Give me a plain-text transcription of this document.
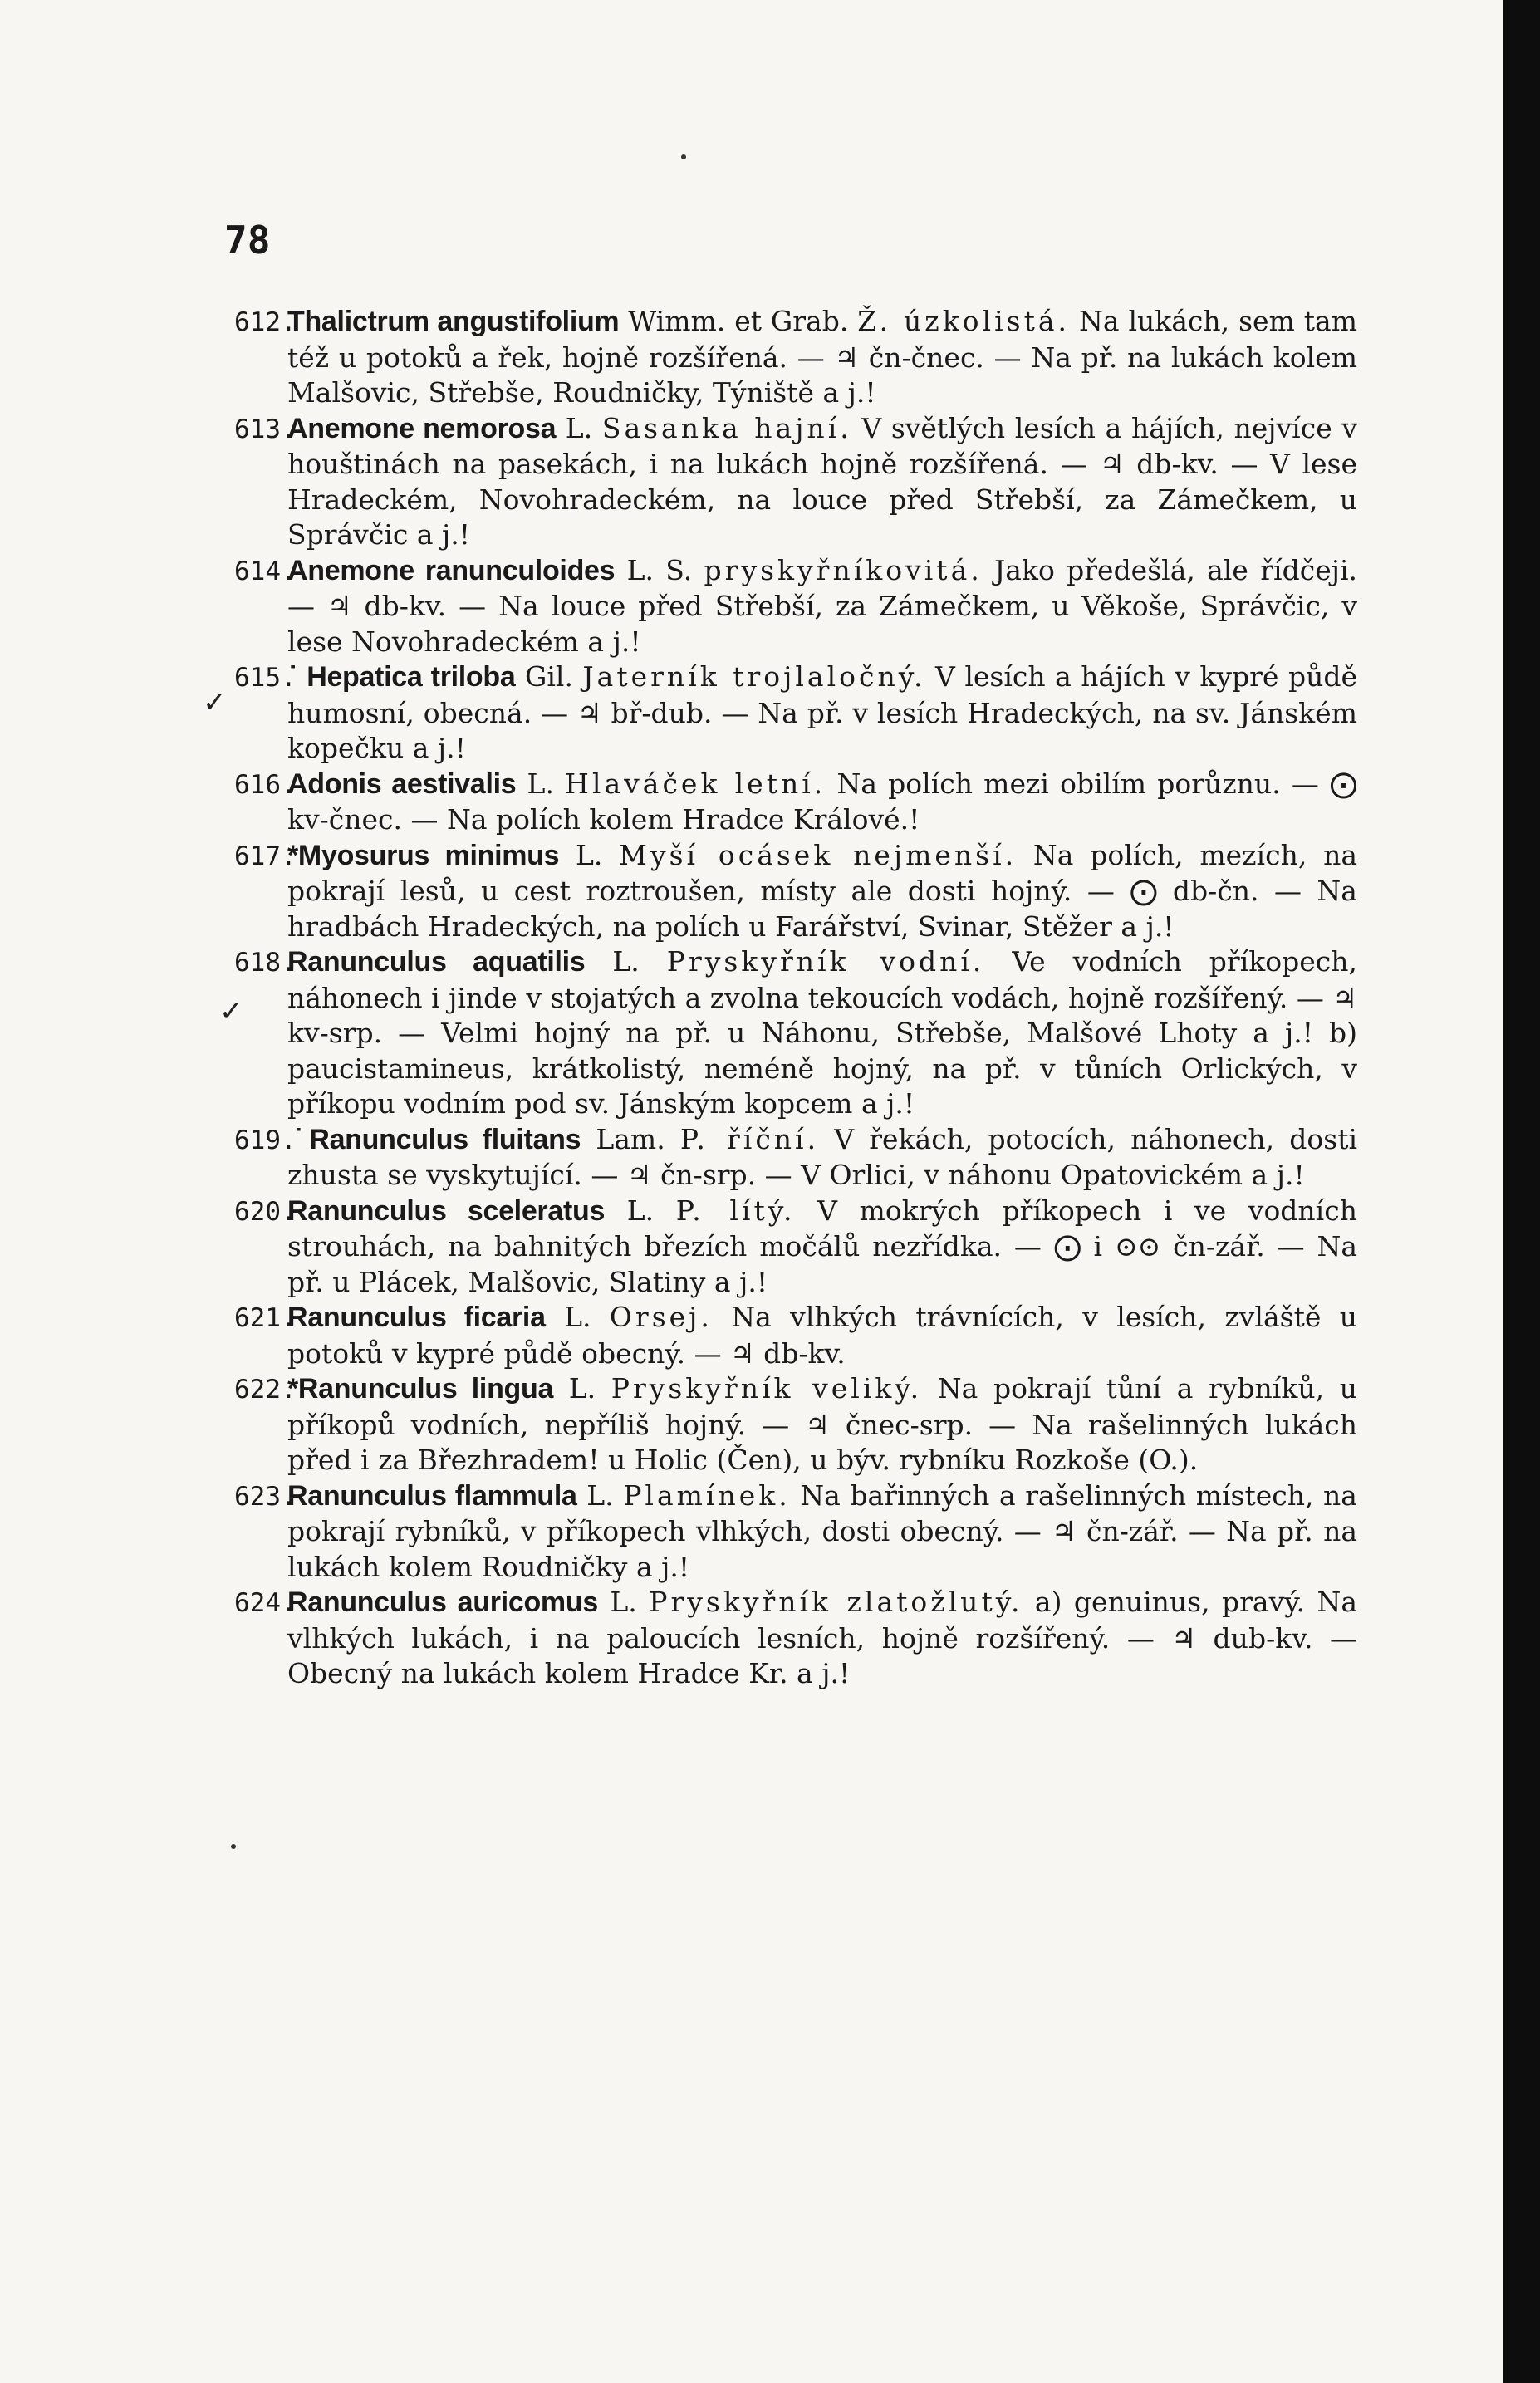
78

612.Thalictrum angustifolium Wimm. et Grab. Ž. úzkolistá. Na lukách, sem tam též u potoků a řek, hojně rozšířená. — ♃ čn-čnec. — Na př. na lukách kolem Malšovic, Střebše, Roudničky, Týniště a j.!

613.Anemone nemorosa L. Sasanka hajní. V světlých lesích a hájích, nejvíce v houštinách na pasekách, i na lukách hojně rozšířená. — ♃ db-kv. — V lese Hradeckém, Novohradeckém, na louce před Střebší, za Zámečkem, u Správčic a j.!

614.Anemone ranunculoides L. S. pryskyřníkovitá. Jako předešlá, ale řídčeji. — ♃ db-kv. — Na louce před Střebší, za Zámečkem, u Věkoše, Správčic, v lese Novohradeckém a j.!

615.˙ Hepatica triloba Gil. Jaterník trojlaločný. V lesích a hájích v kypré půdě humosní, obecná. — ♃ bř-dub. — Na př. v lesích Hradeckých, na sv. Jánském kopečku a j.!

616.Adonis aestivalis L. Hlaváček letní. Na polích mezi obilím porůznu. — ⨀ kv-čnec. — Na polích kolem Hradce Králové.!

617.*Myosurus minimus L. Myší ocásek nejmenší. Na polích, mezích, na pokrají lesů, u cest roztroušen, místy ale dosti hojný. — ⨀ db-čn. — Na hradbách Hradeckých, na polích u Farářství, Svinar, Stěžer a j.!

618.Ranunculus aquatilis L. Pryskyřník vodní. Ve vodních příkopech, náhonech i jinde v stojatých a zvolna tekoucích vodách, hojně rozšířený. — ♃ kv-srp. — Velmi hojný na př. u Náhonu, Střebše, Malšové Lhoty a j.! b) paucistamineus, krátkolistý, neméně hojný, na př. v tůních Orlických, v příkopu vodním pod sv. Jánským kopcem a j.!

619.˙Ranunculus fluitans Lam. P. říční. V řekách, potocích, náhonech, dosti zhusta se vyskytující. — ♃ čn-srp. — V Orlici, v náhonu Opatovickém a j.!

620.Ranunculus sceleratus L. P. lítý. V mokrých příkopech i ve vodních strouhách, na bahnitých březích močálů nezřídka. — ⨀ i ⊙⊙ čn-zář. — Na př. u Plácek, Malšovic, Slatiny a j.!

621.Ranunculus ficaria L. Orsej. Na vlhkých trávnících, v lesích, zvláště u potoků v kypré půdě obecný. — ♃ db-kv.

622.*Ranunculus lingua L. Pryskyřník veliký. Na pokrají tůní a rybníků, u příkopů vodních, nepříliš hojný. — ♃ čnec-srp. — Na rašelinných lukách před i za Březhradem! u Holic (Čen), u býv. rybníku Rozkoše (O.).

623.Ranunculus flammula L. Plamínek. Na bařinných a rašelinných místech, na pokrají rybníků, v příkopech vlhkých, dosti obecný. — ♃ čn-zář. — Na př. na lukách kolem Roudničky a j.!

624.Ranunculus auricomus L. Pryskyřník zlatožlutý. a) genuinus, pravý. Na vlhkých lukách, i na paloucích lesních, hojně rozšířený. — ♃ dub-kv. — Obecný na lukách kolem Hradce Kr. a j.!

✓
✓
